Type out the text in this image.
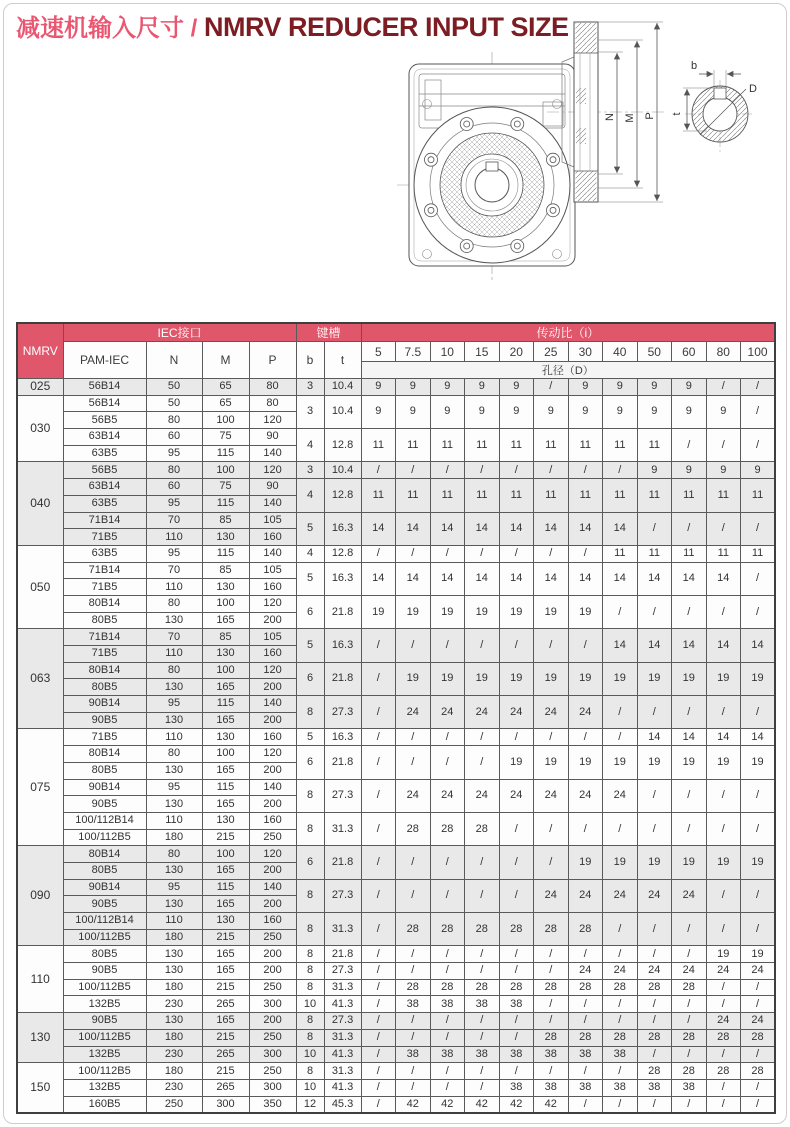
减速机输入尺寸 / NMRV REDUCER INPUT SIZE
N M P
b
t
D
NMRV	IEC接口				键槽		传动比（i）											
	PAM-IEC	N	M	P	b	t	5	7.5	10	15	20	25	30	40	50	60	80	100
							孔径（D）											
025	56B14	50	65	80	3	10.4	9	9	9	9	9	/	9	9	9	9	/	/
030	56B14	50	65	80	3	10.4	9	9	9	9	9	9	9	9	9	9	9	/
	56B5	80	100	120														
	63B14	60	75	90	4	12.8	11	11	11	11	11	11	11	11	11	/	/	/
	63B5	95	115	140														
040	56B5	80	100	120	3	10.4	/	/	/	/	/	/	/	/	9	9	9	9
	63B14	60	75	90	4	12.8	11	11	11	11	11	11	11	11	11	11	11	11
	63B5	95	115	140														
	71B14	70	85	105	5	16.3	14	14	14	14	14	14	14	14	/	/	/	/
	71B5	110	130	160														
050	63B5	95	115	140	4	12.8	/	/	/	/	/	/	/	11	11	11	11	11
	71B14	70	85	105	5	16.3	14	14	14	14	14	14	14	14	14	14	14	/
	71B5	110	130	160														
	80B14	80	100	120	6	21.8	19	19	19	19	19	19	19	/	/	/	/	/
	80B5	130	165	200														
063	71B14	70	85	105	5	16.3	/	/	/	/	/	/	/	14	14	14	14	14
	71B5	110	130	160														
	80B14	80	100	120	6	21.8	/	19	19	19	19	19	19	19	19	19	19	19
	80B5	130	165	200														
	90B14	95	115	140	8	27.3	/	24	24	24	24	24	24	/	/	/	/	/
	90B5	130	165	200														
075	71B5	110	130	160	5	16.3	/	/	/	/	/	/	/	/	14	14	14	14
	80B14	80	100	120	6	21.8	/	/	/	/	19	19	19	19	19	19	19	19
	80B5	130	165	200														
	90B14	95	115	140	8	27.3	/	24	24	24	24	24	24	24	/	/	/	/
	90B5	130	165	200														
	100/112B14	110	130	160	8	31.3	/	28	28	28	/	/	/	/	/	/	/	/
	100/112B5	180	215	250														
090	80B14	80	100	120	6	21.8	/	/	/	/	/	/	19	19	19	19	19	19
	80B5	130	165	200														
	90B14	95	115	140	8	27.3	/	/	/	/	/	24	24	24	24	24	/	/
	90B5	130	165	200														
	100/112B14	110	130	160	8	31.3	/	28	28	28	28	28	28	/	/	/	/	/
	100/112B5	180	215	250														
110	80B5	130	165	200	8	21.8	/	/	/	/	/	/	/	/	/	/	19	19
	90B5	130	165	200	8	27.3	/	/	/	/	/	/	24	24	24	24	24	24
	100/112B5	180	215	250	8	31.3	/	28	28	28	28	28	28	28	28	28	/	/
	132B5	230	265	300	10	41.3	/	38	38	38	38	/	/	/	/	/	/	/
130	90B5	130	165	200	8	27.3	/	/	/	/	/	/	/	/	/	/	24	24
	100/112B5	180	215	250	8	31.3	/	/	/	/	/	28	28	28	28	28	28	28
	132B5	230	265	300	10	41.3	/	38	38	38	38	38	38	38	/	/	/	/
150	100/112B5	180	215	250	8	31.3	/	/	/	/	/	/	/	/	28	28	28	28
	132B5	230	265	300	10	41.3	/	/	/	/	38	38	38	38	38	38	/	/
	160B5	250	300	350	12	45.3	/	42	42	42	42	42	/	/	/	/	/	/
